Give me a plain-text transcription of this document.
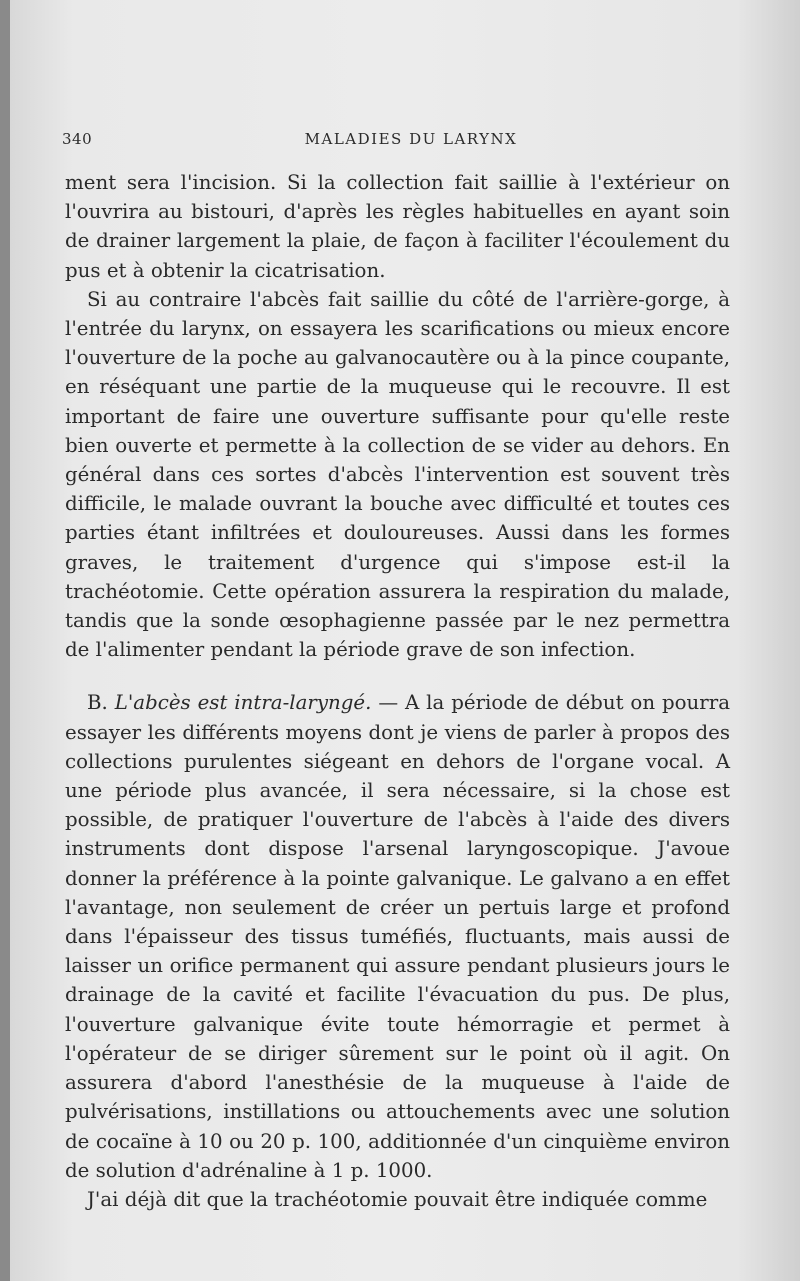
340	MALADIES DU LARYNX

ment sera l'incision. Si la collection fait saillie à l'extérieur on l'ouvrira au bistouri, d'après les règles habituelles en ayant soin de drainer largement la plaie, de façon à faciliter l'écoulement du pus et à obtenir la cicatrisation.

Si au contraire l'abcès fait saillie du côté de l'arrière-gorge, à l'entrée du larynx, on essayera les scarifications ou mieux encore l'ouverture de la poche au galvanocautère ou à la pince coupante, en réséquant une partie de la muqueuse qui le recouvre. Il est important de faire une ouverture suffisante pour qu'elle reste bien ouverte et permette à la collection de se vider au dehors. En général dans ces sortes d'abcès l'intervention est souvent très difficile, le malade ouvrant la bouche avec difficulté et toutes ces parties étant infiltrées et douloureuses. Aussi dans les formes graves, le traitement d'urgence qui s'impose est-il la trachéotomie. Cette opération assurera la respiration du malade, tandis que la sonde œsophagienne passée par le nez permettra de l'alimenter pendant la période grave de son infection.

B. L'abcès est intra-laryngé. — A la période de début on pourra essayer les différents moyens dont je viens de parler à propos des collections purulentes siégeant en dehors de l'organe vocal. A une période plus avancée, il sera nécessaire, si la chose est possible, de pratiquer l'ouverture de l'abcès à l'aide des divers instruments dont dispose l'arsenal laryngoscopique. J'avoue donner la préférence à la pointe galvanique. Le galvano a en effet l'avantage, non seulement de créer un pertuis large et profond dans l'épaisseur des tissus tuméfiés, fluctuants, mais aussi de laisser un orifice permanent qui assure pendant plusieurs jours le drainage de la cavité et facilite l'évacuation du pus. De plus, l'ouverture galvanique évite toute hémorragie et permet à l'opérateur de se diriger sûrement sur le point où il agit. On assurera d'abord l'anesthésie de la muqueuse à l'aide de pulvérisations, instillations ou attouchements avec une solution de cocaïne à 10 ou 20 p. 100, additionnée d'un cinquième environ de solution d'adrénaline à 1 p. 1000.

J'ai déjà dit que la trachéotomie pouvait être indiquée comme
